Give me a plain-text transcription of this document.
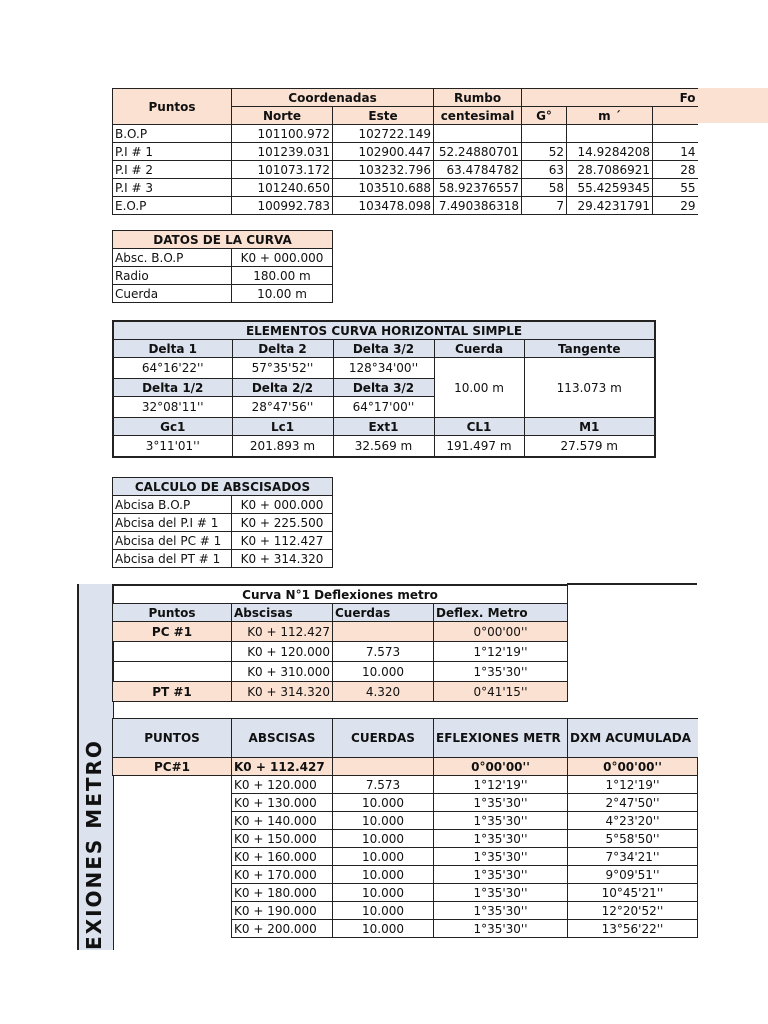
Puntos	Coordenadas		Rumbo	Fo		
	Norte	Este	centesimal	G°	m ´	
B.O.P	101100.972	102722.149				
P.I # 1	101239.031	102900.447	52.24880701	52	14.9284208	14
P.I # 2	101073.172	103232.796	63.4784782	63	28.7086921	28
P.I # 3	101240.650	103510.688	58.92376557	58	55.4259345	55
E.O.P	100992.783	103478.098	7.490386318	7	29.4231791	29
DATOS DE LA CURVA	
Absc. B.O.P	K0 + 000.000
Radio	180.00 m
Cuerda	10.00 m
ELEMENTOS CURVA HORIZONTAL SIMPLE				
Delta 1	Delta 2	Delta 3/2	Cuerda	Tangente
64°16'22''	57°35'52''	128°34'00''	10.00 m	113.073 m
Delta 1/2	Delta 2/2	Delta 3/2		
32°08'11''	28°47'56''	64°17'00''		
Gc1	Lc1	Ext1	CL1	M1
3°11'01''	201.893 m	32.569 m	191.497 m	27.579 m
CALCULO DE ABSCISADOS	
Abcisa B.O.P	K0 + 000.000
Abcisa del P.I # 1	K0 + 225.500
Abcisa del PC # 1	K0 + 112.427
Abcisa del PT # 1	K0 + 314.320
EXIONES METRO
Curva N°1 Deflexiones metro			
Puntos	Abscisas	Cuerdas	Deflex. Metro
PC #1	K0 + 112.427		0°00'00''
	K0 + 120.000	7.573	1°12'19''
	K0 + 310.000	10.000	1°35'30''
PT #1	K0 + 314.320	4.320	0°41'15''
PUNTOS	ABSCISAS	CUERDAS	EFLEXIONES METR	DXM ACUMULADA
PC#1	K0 + 112.427		0°00'00''	0°00'00''
	K0 + 120.000	7.573	1°12'19''	1°12'19''
	K0 + 130.000	10.000	1°35'30''	2°47'50''
	K0 + 140.000	10.000	1°35'30''	4°23'20''
	K0 + 150.000	10.000	1°35'30''	5°58'50''
	K0 + 160.000	10.000	1°35'30''	7°34'21''
	K0 + 170.000	10.000	1°35'30''	9°09'51''
	K0 + 180.000	10.000	1°35'30''	10°45'21''
	K0 + 190.000	10.000	1°35'30''	12°20'52''
	K0 + 200.000	10.000	1°35'30''	13°56'22''
